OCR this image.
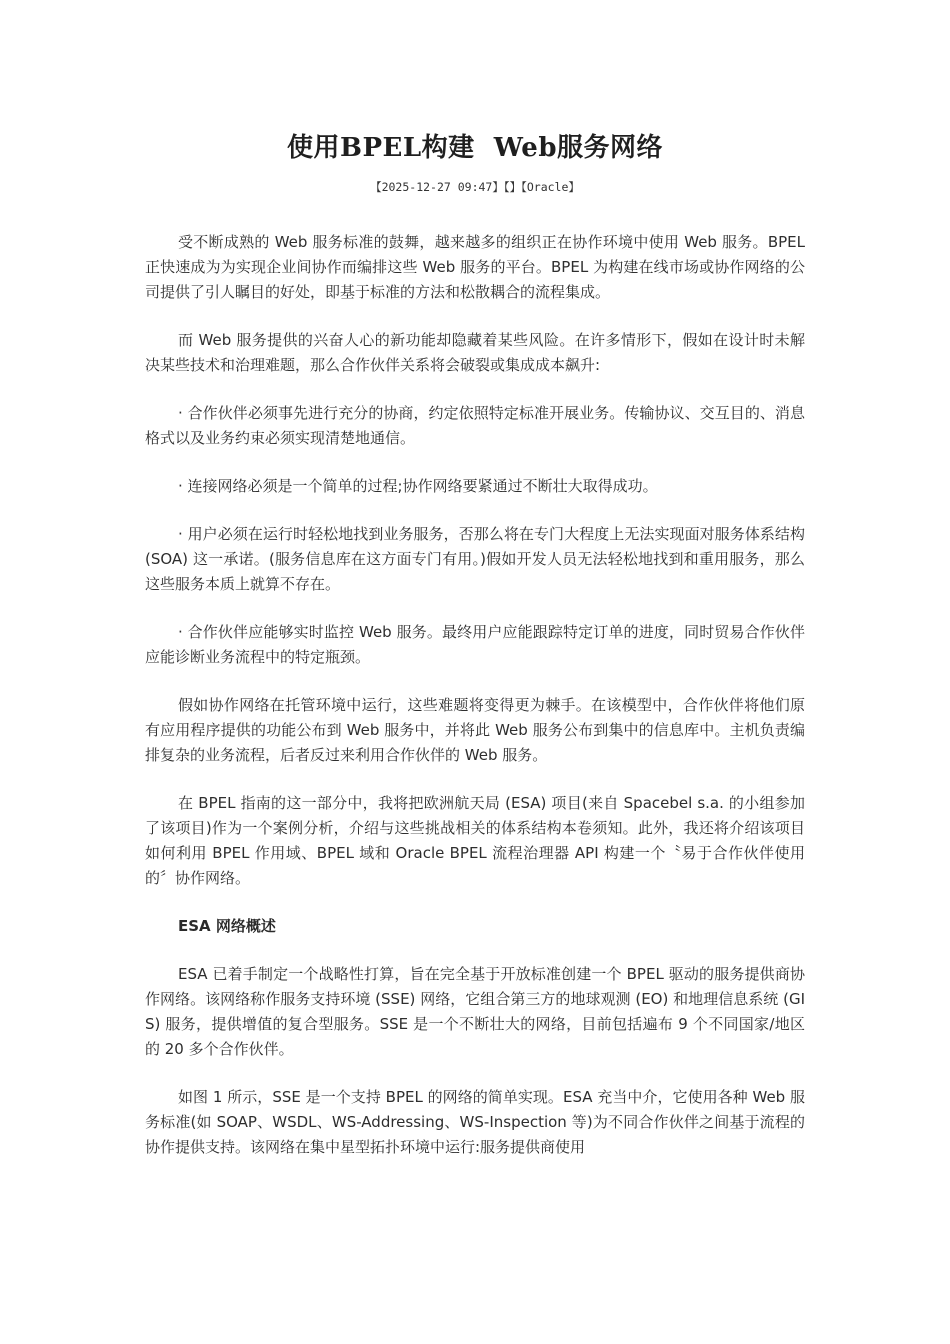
使用BPEL构建  Web服务网络
【2025-12-27 09:47】【】【Oracle】

受不断成熟的 Web 服务标准的鼓舞，越来越多的组织正在协作环境中使用 Web 服务。BPEL 正快速成为为实现企业间协作而编排这些 Web 服务的平台。BPEL 为构建在线市场或协作网络的公司提供了引人瞩目的好处，即基于标准的方法和松散耦合的流程集成。

而 Web 服务提供的兴奋人心的新功能却隐藏着某些风险。在许多情形下，假如在设计时未解决某些技术和治理难题，那么合作伙伴关系将会破裂或集成成本飙升:

· 合作伙伴必须事先进行充分的协商，约定依照特定标准开展业务。传输协议、交互目的、消息格式以及业务约束必须实现清楚地通信。

· 连接网络必须是一个简单的过程;协作网络要紧通过不断壮大取得成功。

· 用户必须在运行时轻松地找到业务服务，否那么将在专门大程度上无法实现面对服务体系结构 (SOA) 这一承诺。(服务信息库在这方面专门有用。)假如开发人员无法轻松地找到和重用服务，那么这些服务本质上就算不存在。

· 合作伙伴应能够实时监控 Web 服务。最终用户应能跟踪特定订单的进度，同时贸易合作伙伴应能诊断业务流程中的特定瓶颈。

假如协作网络在托管环境中运行，这些难题将变得更为棘手。在该模型中，合作伙伴将他们原有应用程序提供的功能公布到 Web 服务中，并将此 Web 服务公布到集中的信息库中。主机负责编排复杂的业务流程，后者反过来利用合作伙伴的 Web 服务。

在 BPEL 指南的这一部分中，我将把欧洲航天局 (ESA) 项目(来自 Spacebel s.a. 的小组参加了该项目)作为一个案例分析，介绍与这些挑战相关的体系结构本卷须知。此外，我还将介绍该项目如何利用 BPEL 作用域、BPEL 域和 Oracle BPEL 流程治理器 API 构建一个〝易于合作伙伴使用的〞协作网络。

ESA 网络概述

ESA 已着手制定一个战略性打算，旨在完全基于开放标准创建一个 BPEL 驱动的服务提供商协作网络。该网络称作服务支持环境 (SSE) 网络，它组合第三方的地球观测 (EO) 和地理信息系统 (GIS) 服务，提供增值的复合型服务。SSE 是一个不断壮大的网络，目前包括遍布 9 个不同国家/地区的 20 多个合作伙伴。

如图 1 所示，SSE 是一个支持 BPEL 的网络的简单实现。ESA 充当中介，它使用各种 Web 服务标准(如 SOAP、WSDL、WS-Addressing、WS-Inspection 等)为不同合作伙伴之间基于流程的协作提供支持。该网络在集中星型拓扑环境中运行:服务提供商使用
